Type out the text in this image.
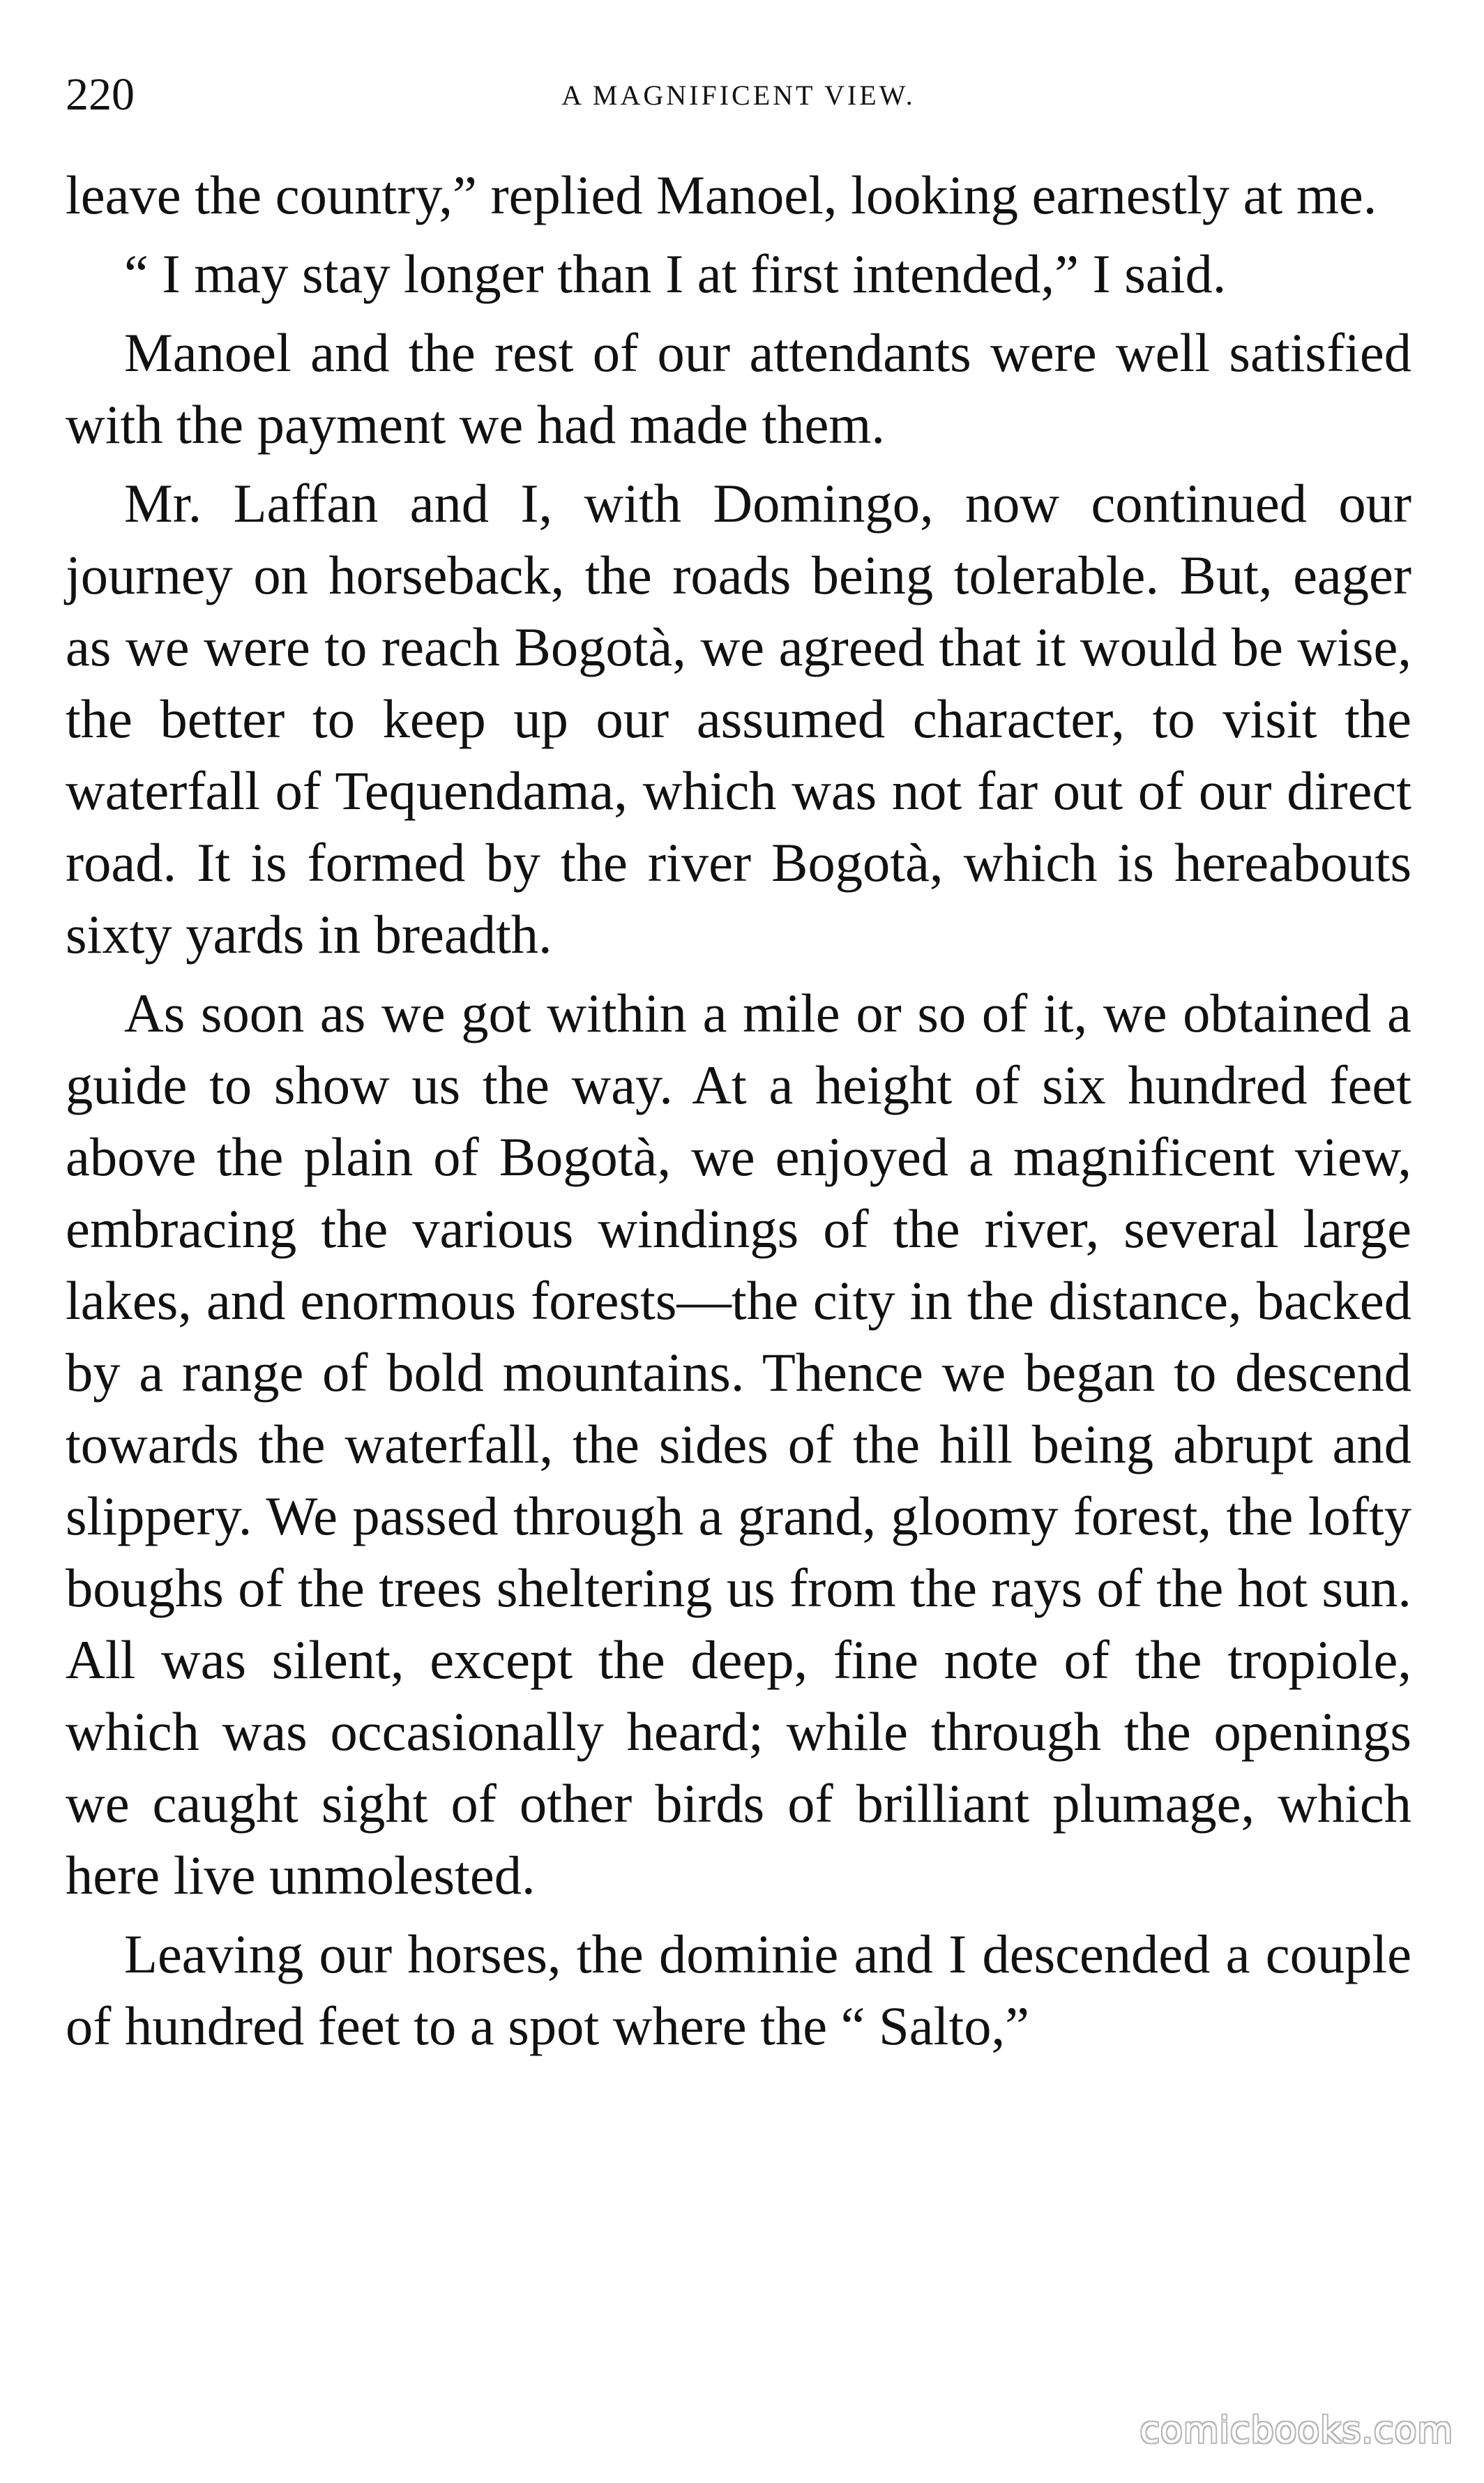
220	A MAGNIFICENT VIEW.

leave the country,” replied Manoel, looking earnestly at me.

“ I may stay longer than I at first intended,” I said.

Manoel and the rest of our attendants were well satisfied with the payment we had made them.

Mr. Laffan and I, with Domingo, now continued our journey on horseback, the roads being tolerable. But, eager as we were to reach Bogotà, we agreed that it would be wise, the better to keep up our assumed character, to visit the waterfall of Tequendama, which was not far out of our direct road. It is formed by the river Bogotà, which is hereabouts sixty yards in breadth.

As soon as we got within a mile or so of it, we obtained a guide to show us the way. At a height of six hundred feet above the plain of Bogotà, we enjoyed a magnificent view, embracing the various windings of the river, several large lakes, and enormous forests—the city in the distance, backed by a range of bold mountains. Thence we began to descend towards the waterfall, the sides of the hill being abrupt and slippery. We passed through a grand, gloomy forest, the lofty boughs of the trees sheltering us from the rays of the hot sun. All was silent, except the deep, fine note of the tropiole, which was occasionally heard; while through the openings we caught sight of other birds of brilliant plumage, which here live unmolested.

Leaving our horses, the dominie and I descended a couple of hundred feet to a spot where the “ Salto,”

comicbooks.com
